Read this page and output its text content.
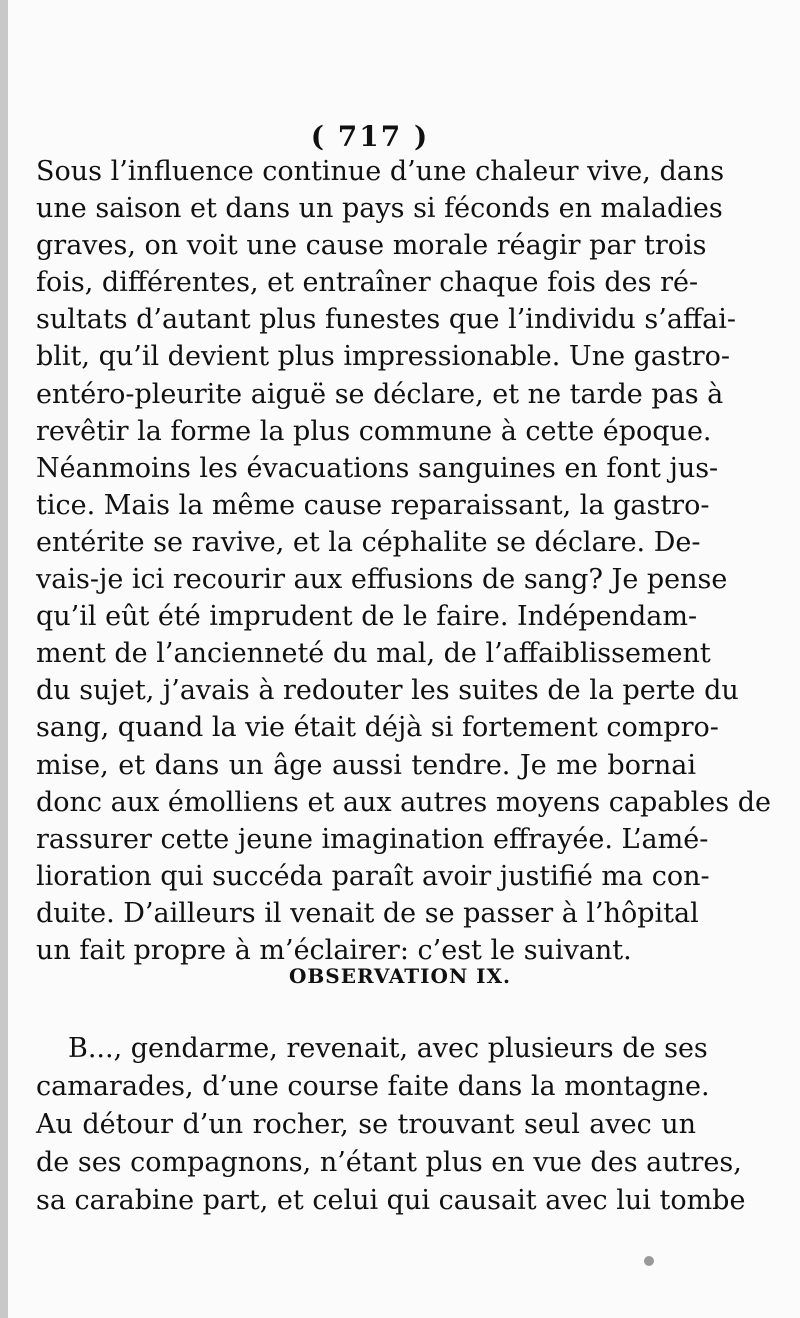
( 717 )
Sous l’influence continue d’une chaleur vive, dans
une saison et dans un pays si féconds en maladies
graves, on voit une cause morale réagir par trois
fois, différentes, et entraîner chaque fois des ré-
sultats d’autant plus funestes que l’individu s’affai-
blit, qu’il devient plus impressionable. Une gastro-
entéro-pleurite aiguë se déclare, et ne tarde pas à
revêtir la forme la plus commune à cette époque.
Néanmoins les évacuations sanguines en font jus-
tice. Mais la même cause reparaissant, la gastro-
entérite se ravive, et la céphalite se déclare. De-
vais-je ici recourir aux effusions de sang? Je pense
qu’il eût été imprudent de le faire. Indépendam-
ment de l’ancienneté du mal, de l’affaiblissement
du sujet, j’avais à redouter les suites de la perte du
sang, quand la vie était déjà si fortement compro-
mise, et dans un âge aussi tendre. Je me bornai
donc aux émolliens et aux autres moyens capables de
rassurer cette jeune imagination effrayée. L’amé-
lioration qui succéda paraît avoir justifié ma con-
duite. D’ailleurs il venait de se passer à l’hôpital
un fait propre à m’éclairer: c’est le suivant.
OBSERVATION IX.
B..., gendarme, revenait, avec plusieurs de ses
camarades, d’une course faite dans la montagne.
Au détour d’un rocher, se trouvant seul avec un
de ses compagnons, n’étant plus en vue des autres,
sa carabine part, et celui qui causait avec lui tombe
